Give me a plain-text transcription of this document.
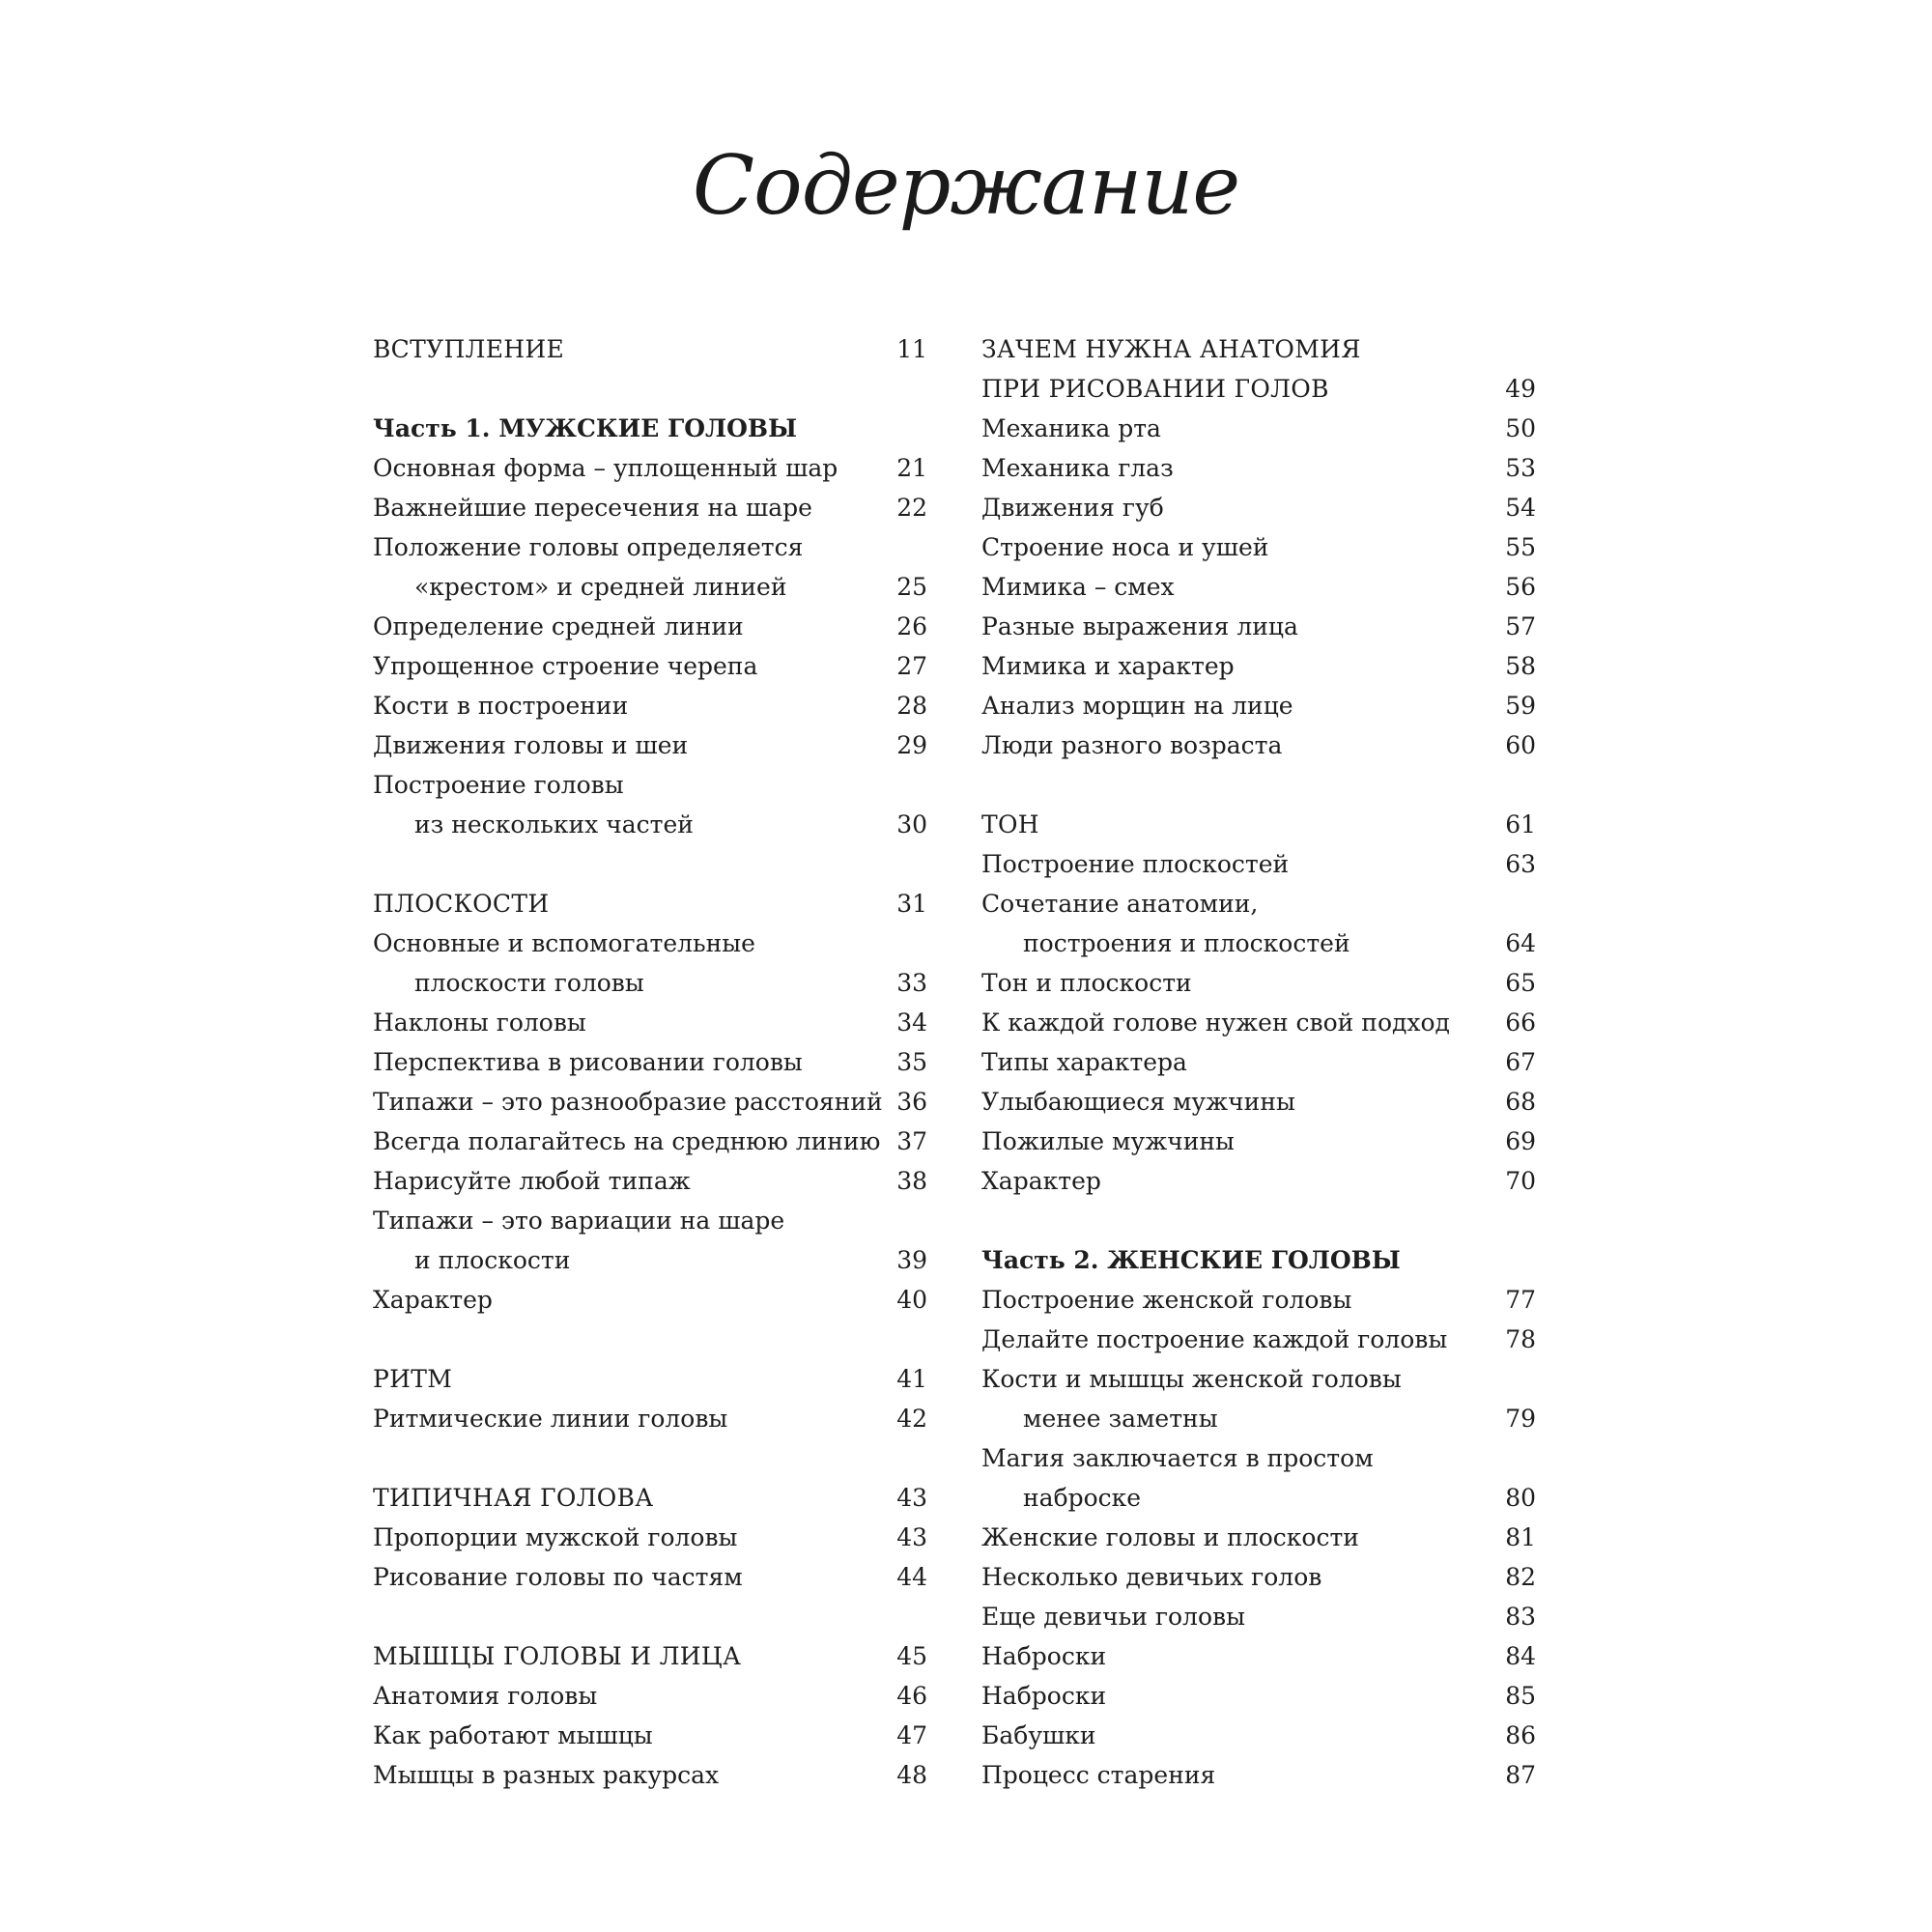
Содержание
ВСТУПЛЕНИЕ	11
Часть 1. МУЖСКИЕ ГОЛОВЫ
Основная форма – уплощенный шар 21
Важнейшие пересечения на шаре	22
Положение головы определяется
«крестом» и средней линией	25
Определение средней линии	26
Упрощенное строение черепа	27
Кости в построении	28
Движения головы и шеи	29
Построение головы
из нескольких частей	30
ПЛОСКОСТИ	31
Основные и вспомогательные
плоскости головы	33
Наклоны головы	34
Перспектива в рисовании головы	35
Типажи – это разнообразие расстояний 36
Всегда полагайтесь на среднюю линию 37
Нарисуйте любой типаж	38
Типажи – это вариации на шаре
и плоскости	39
Характер	40
РИТМ	41
Ритмические линии головы	42
ТИПИЧНАЯ ГОЛОВА	43
Пропорции мужской головы	43
Рисование головы по частям	44
МЫШЦЫ ГОЛОВЫ И ЛИЦА	45
Анатомия головы	46
Как работают мышцы	47
Мышцы в разных ракурсах	48
ЗАЧЕМ НУЖНА АНАТОМИЯ
ПРИ РИСОВАНИИ ГОЛОВ	49
Механика рта	50
Механика глаз	53
Движения губ	54
Строение носа и ушей	55
Мимика – смех	56
Разные выражения лица	57
Мимика и характер	58
Анализ морщин на лице	59
Люди разного возраста	60
ТОН	61
Построение плоскостей	63
Сочетание анатомии,
построения и плоскостей	64
Тон и плоскости	65
К каждой голове нужен свой подход 66
Типы характера	67
Улыбающиеся мужчины	68
Пожилые мужчины	69
Характер	70
Часть 2. ЖЕНСКИЕ ГОЛОВЫ
Построение женской головы	77
Делайте построение каждой головы 78
Кости и мышцы женской головы
менее заметны	79
Магия заключается в простом
наброске	80
Женские головы и плоскости	81
Несколько девичьих голов	82
Еще девичьи головы	83
Наброски	84
Наброски	85
Бабушки	86
Процесс старения	87
